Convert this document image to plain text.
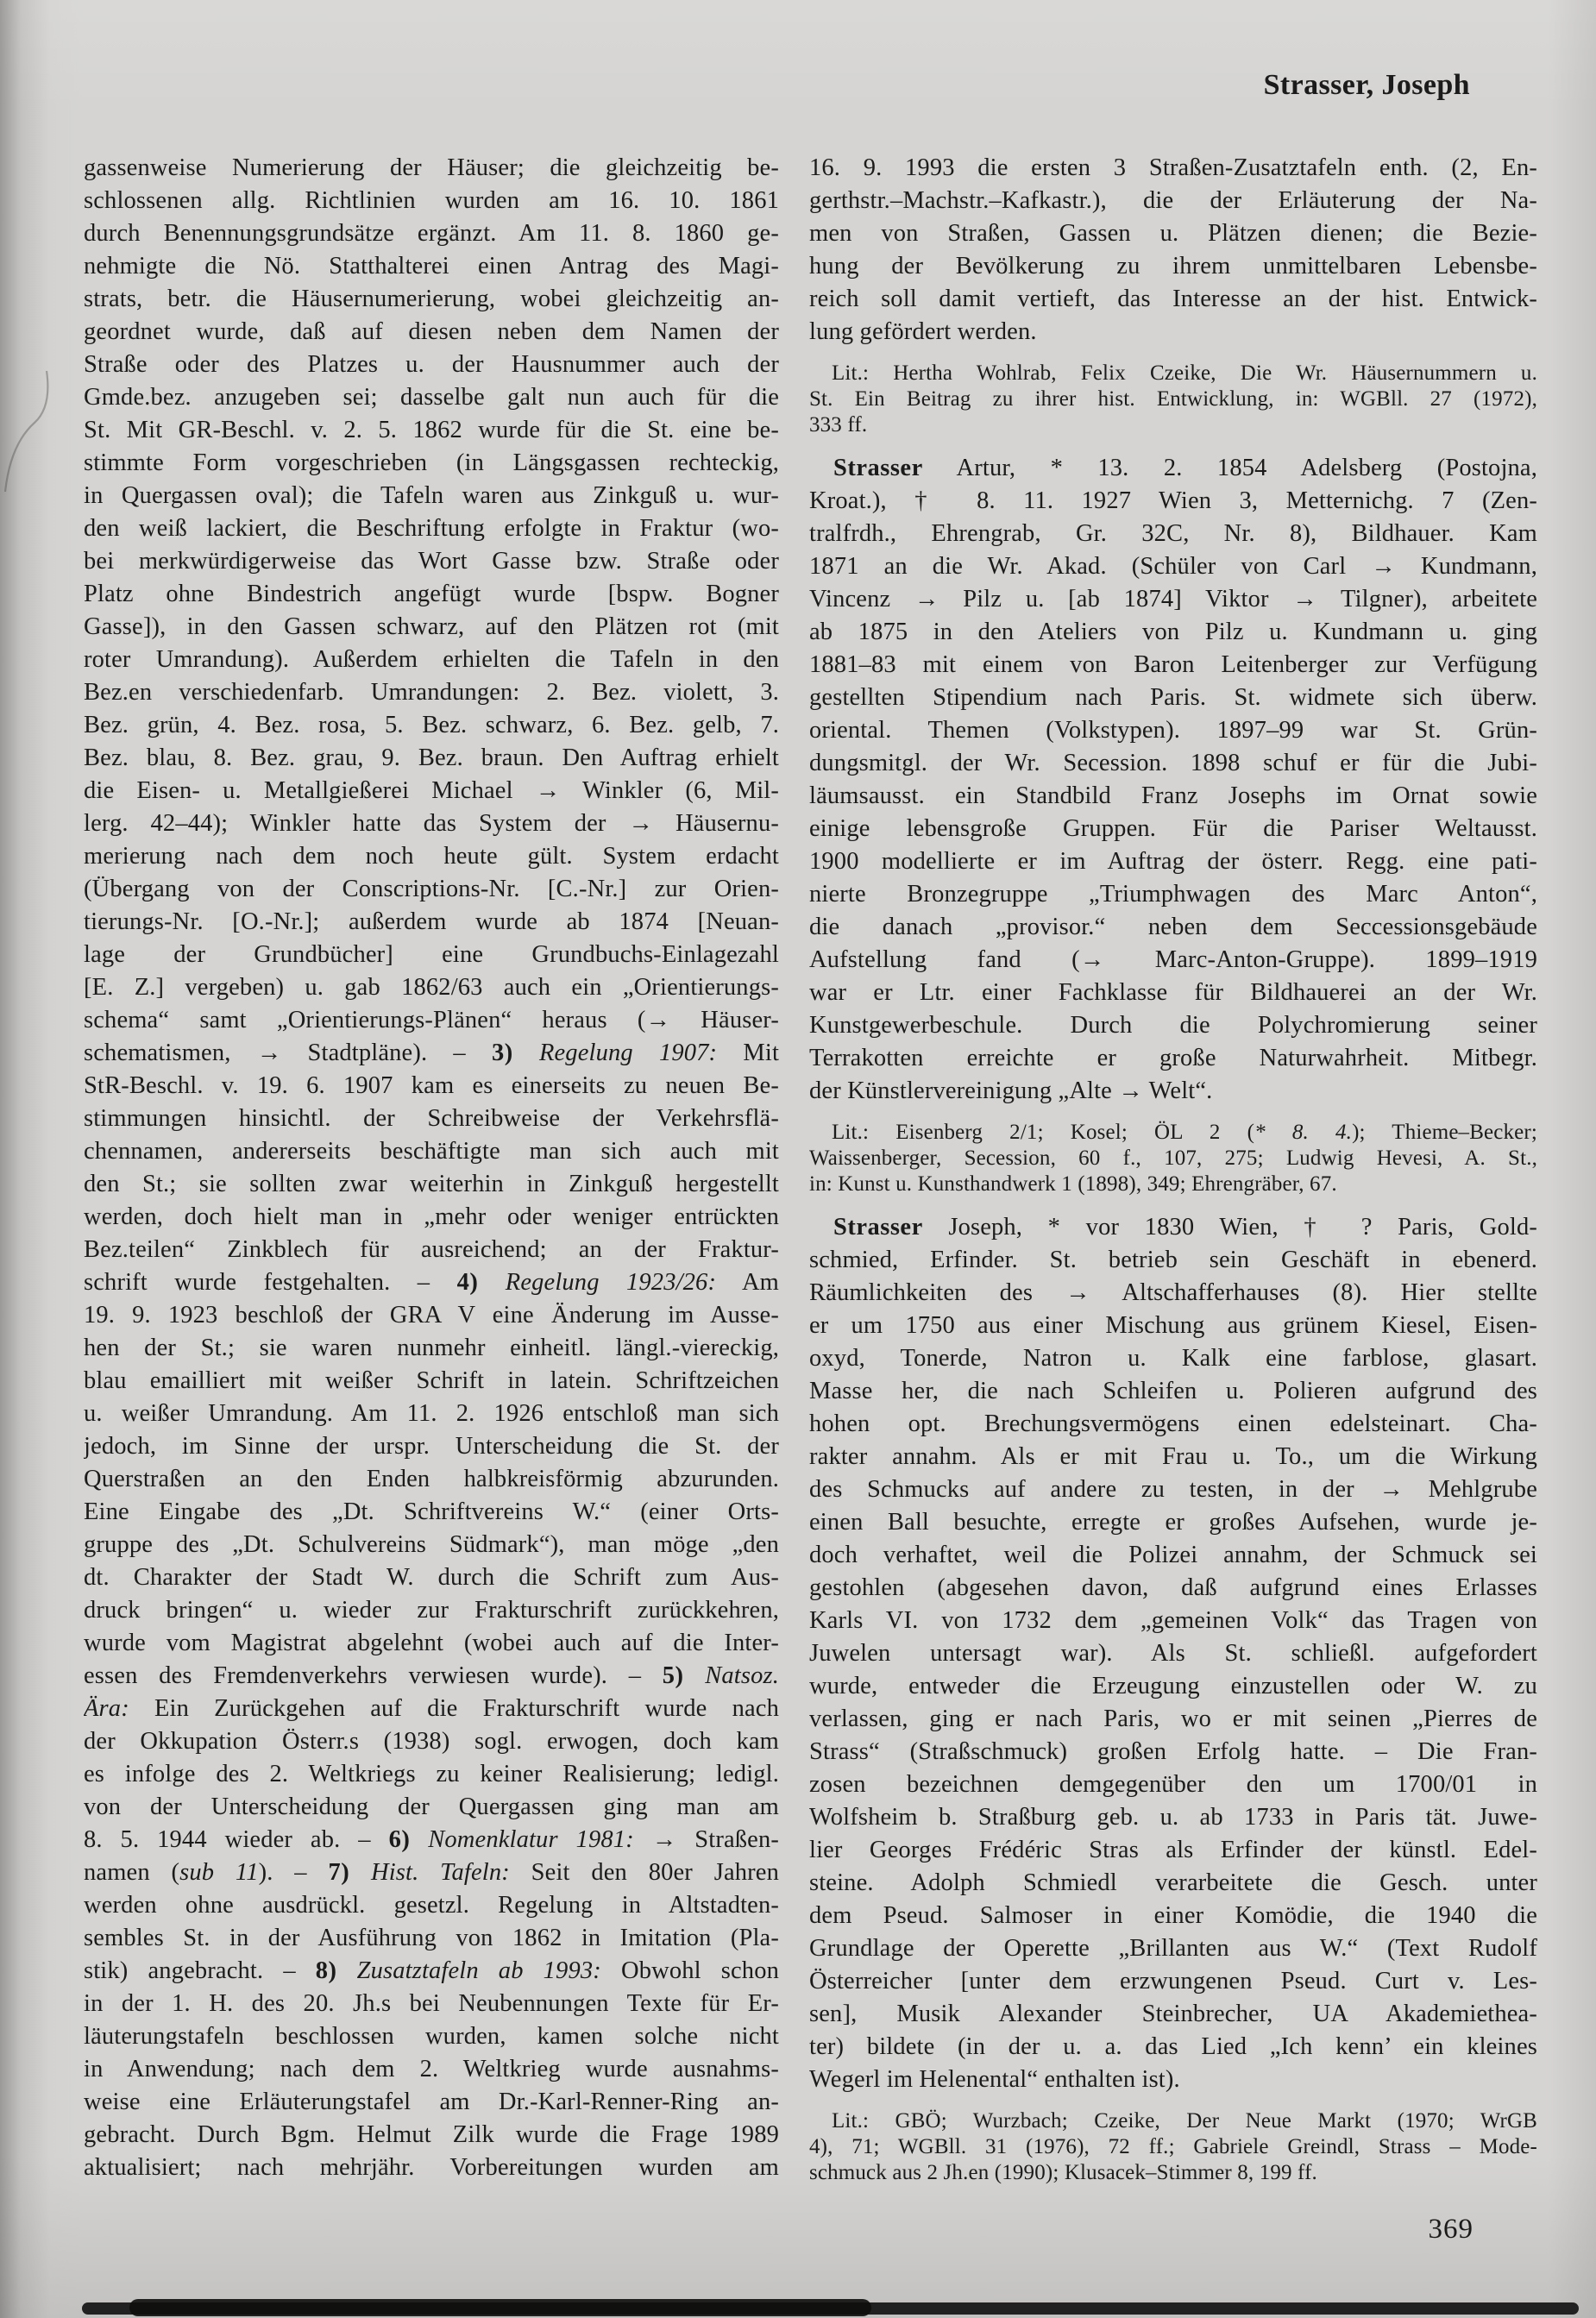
Strasser, Joseph
gassenweise Numerierung der Häuser; die gleichzeitig be-
schlossenen allg. Richtlinien wurden am 16. 10. 1861
durch Benennungsgrundsätze ergänzt. Am 11. 8. 1860 ge-
nehmigte die Nö. Statthalterei einen Antrag des Magi-
strats, betr. die Häusernumerierung, wobei gleichzeitig an-
geordnet wurde, daß auf diesen neben dem Namen der
Straße oder des Platzes u. der Hausnummer auch der
Gmde.bez. anzugeben sei; dasselbe galt nun auch für die
St. Mit GR-Beschl. v. 2. 5. 1862 wurde für die St. eine be-
stimmte Form vorgeschrieben (in Längsgassen rechteckig,
in Quergassen oval); die Tafeln waren aus Zinkguß u. wur-
den weiß lackiert, die Beschriftung erfolgte in Fraktur (wo-
bei merkwürdigerweise das Wort Gasse bzw. Straße oder
Platz ohne Bindestrich angefügt wurde [bspw. Bogner
Gasse]), in den Gassen schwarz, auf den Plätzen rot (mit
roter Umrandung). Außerdem erhielten die Tafeln in den
Bez.en verschiedenfarb. Umrandungen: 2. Bez. violett, 3.
Bez. grün, 4. Bez. rosa, 5. Bez. schwarz, 6. Bez. gelb, 7.
Bez. blau, 8. Bez. grau, 9. Bez. braun. Den Auftrag erhielt
die Eisen- u. Metallgießerei Michael → Winkler (6, Mil-
lerg. 42–44); Winkler hatte das System der → Häusernu-
merierung nach dem noch heute gült. System erdacht
(Übergang von der Conscriptions-Nr. [C.-Nr.] zur Orien-
tierungs-Nr. [O.-Nr.]; außerdem wurde ab 1874 [Neuan-
lage der Grundbücher] eine Grundbuchs-Einlagezahl
[E. Z.] vergeben) u. gab 1862/63 auch ein „Orientierungs-
schema“ samt „Orientierungs-Plänen“ heraus (→ Häuser-
schematismen, → Stadtpläne). – 3) Regelung 1907: Mit
StR-Beschl. v. 19. 6. 1907 kam es einerseits zu neuen Be-
stimmungen hinsichtl. der Schreibweise der Verkehrsflä-
chennamen, andererseits beschäftigte man sich auch mit
den St.; sie sollten zwar weiterhin in Zinkguß hergestellt
werden, doch hielt man in „mehr oder weniger entrückten
Bez.teilen“ Zinkblech für ausreichend; an der Fraktur-
schrift wurde festgehalten. – 4) Regelung 1923/26: Am
19. 9. 1923 beschloß der GRA V eine Änderung im Ausse-
hen der St.; sie waren nunmehr einheitl. längl.-viereckig,
blau emailliert mit weißer Schrift in latein. Schriftzeichen
u. weißer Umrandung. Am 11. 2. 1926 entschloß man sich
jedoch, im Sinne der urspr. Unterscheidung die St. der
Querstraßen an den Enden halbkreisförmig abzurunden.
Eine Eingabe des „Dt. Schriftvereins W.“ (einer Orts-
gruppe des „Dt. Schulvereins Südmark“), man möge „den
dt. Charakter der Stadt W. durch die Schrift zum Aus-
druck bringen“ u. wieder zur Frakturschrift zurückkehren,
wurde vom Magistrat abgelehnt (wobei auch auf die Inter-
essen des Fremdenverkehrs verwiesen wurde). – 5) Natsoz.
Ära: Ein Zurückgehen auf die Frakturschrift wurde nach
der Okkupation Österr.s (1938) sogl. erwogen, doch kam
es infolge des 2. Weltkriegs zu keiner Realisierung; ledigl.
von der Unterscheidung der Quergassen ging man am
8. 5. 1944 wieder ab. – 6) Nomenklatur 1981: → Straßen-
namen (sub 11). – 7) Hist. Tafeln: Seit den 80er Jahren
werden ohne ausdrückl. gesetzl. Regelung in Altstadten-
sembles St. in der Ausführung von 1862 in Imitation (Pla-
stik) angebracht. – 8) Zusatztafeln ab 1993: Obwohl schon
in der 1. H. des 20. Jh.s bei Neubennungen Texte für Er-
läuterungstafeln beschlossen wurden, kamen solche nicht
in Anwendung; nach dem 2. Weltkrieg wurde ausnahms-
weise eine Erläuterungstafel am Dr.-Karl-Renner-Ring an-
gebracht. Durch Bgm. Helmut Zilk wurde die Frage 1989
aktualisiert; nach mehrjähr. Vorbereitungen wurden am
16. 9. 1993 die ersten 3 Straßen-Zusatztafeln enth. (2, En-
gerthstr.–Machstr.–Kafkastr.), die der Erläuterung der Na-
men von Straßen, Gassen u. Plätzen dienen; die Bezie-
hung der Bevölkerung zu ihrem unmittelbaren Lebensbe-
reich soll damit vertieft, das Interesse an der hist. Entwick-
lung gefördert werden.
Lit.: Hertha Wohlrab, Felix Czeike, Die Wr. Häusernummern u.
St. Ein Beitrag zu ihrer hist. Entwicklung, in: WGBll. 27 (1972),
333 ff.
Strasser Artur, * 13. 2. 1854 Adelsberg (Postojna,
Kroat.), † 8. 11. 1927 Wien 3, Metternichg. 7 (Zen-
tralfrdh., Ehrengrab, Gr. 32C, Nr. 8), Bildhauer. Kam
1871 an die Wr. Akad. (Schüler von Carl → Kundmann,
Vincenz → Pilz u. [ab 1874] Viktor → Tilgner), arbeitete
ab 1875 in den Ateliers von Pilz u. Kundmann u. ging
1881–83 mit einem von Baron Leitenberger zur Verfügung
gestellten Stipendium nach Paris. St. widmete sich überw.
oriental. Themen (Volkstypen). 1897–99 war St. Grün-
dungsmitgl. der Wr. Secession. 1898 schuf er für die Jubi-
läumsausst. ein Standbild Franz Josephs im Ornat sowie
einige lebensgroße Gruppen. Für die Pariser Weltausst.
1900 modellierte er im Auftrag der österr. Regg. eine pati-
nierte Bronzegruppe „Triumphwagen des Marc Anton“,
die danach „provisor.“ neben dem Seccessionsgebäude
Aufstellung fand (→ Marc-Anton-Gruppe). 1899–1919
war er Ltr. einer Fachklasse für Bildhauerei an der Wr.
Kunstgewerbeschule. Durch die Polychromierung seiner
Terrakotten erreichte er große Naturwahrheit. Mitbegr.
der Künstlervereinigung „Alte → Welt“.
Lit.: Eisenberg 2/1; Kosel; ÖL 2 (* 8. 4.); Thieme–Becker;
Waissenberger, Secession, 60 f., 107, 275; Ludwig Hevesi, A. St.,
in: Kunst u. Kunsthandwerk 1 (1898), 349; Ehrengräber, 67.
Strasser Joseph, * vor 1830 Wien, † ? Paris, Gold-
schmied, Erfinder. St. betrieb sein Geschäft in ebenerd.
Räumlichkeiten des → Altschafferhauses (8). Hier stellte
er um 1750 aus einer Mischung aus grünem Kiesel, Eisen-
oxyd, Tonerde, Natron u. Kalk eine farblose, glasart.
Masse her, die nach Schleifen u. Polieren aufgrund des
hohen opt. Brechungsvermögens einen edelsteinart. Cha-
rakter annahm. Als er mit Frau u. To., um die Wirkung
des Schmucks auf andere zu testen, in der → Mehlgrube
einen Ball besuchte, erregte er großes Aufsehen, wurde je-
doch verhaftet, weil die Polizei annahm, der Schmuck sei
gestohlen (abgesehen davon, daß aufgrund eines Erlasses
Karls VI. von 1732 dem „gemeinen Volk“ das Tragen von
Juwelen untersagt war). Als St. schließl. aufgefordert
wurde, entweder die Erzeugung einzustellen oder W. zu
verlassen, ging er nach Paris, wo er mit seinen „Pierres de
Strass“ (Straßschmuck) großen Erfolg hatte. – Die Fran-
zosen bezeichnen demgegenüber den um 1700/01 in
Wolfsheim b. Straßburg geb. u. ab 1733 in Paris tät. Juwe-
lier Georges Frédéric Stras als Erfinder der künstl. Edel-
steine. Adolph Schmiedl verarbeitete die Gesch. unter
dem Pseud. Salmoser in einer Komödie, die 1940 die
Grundlage der Operette „Brillanten aus W.“ (Text Rudolf
Österreicher [unter dem erzwungenen Pseud. Curt v. Les-
sen], Musik Alexander Steinbrecher, UA Akademiethea-
ter) bildete (in der u. a. das Lied „Ich kenn’ ein kleines
Wegerl im Helenental“ enthalten ist).
Lit.: GBÖ; Wurzbach; Czeike, Der Neue Markt (1970; WrGB
4), 71; WGBll. 31 (1976), 72 ff.; Gabriele Greindl, Strass – Mode-
schmuck aus 2 Jh.en (1990); Klusacek–Stimmer 8, 199 ff.
369
